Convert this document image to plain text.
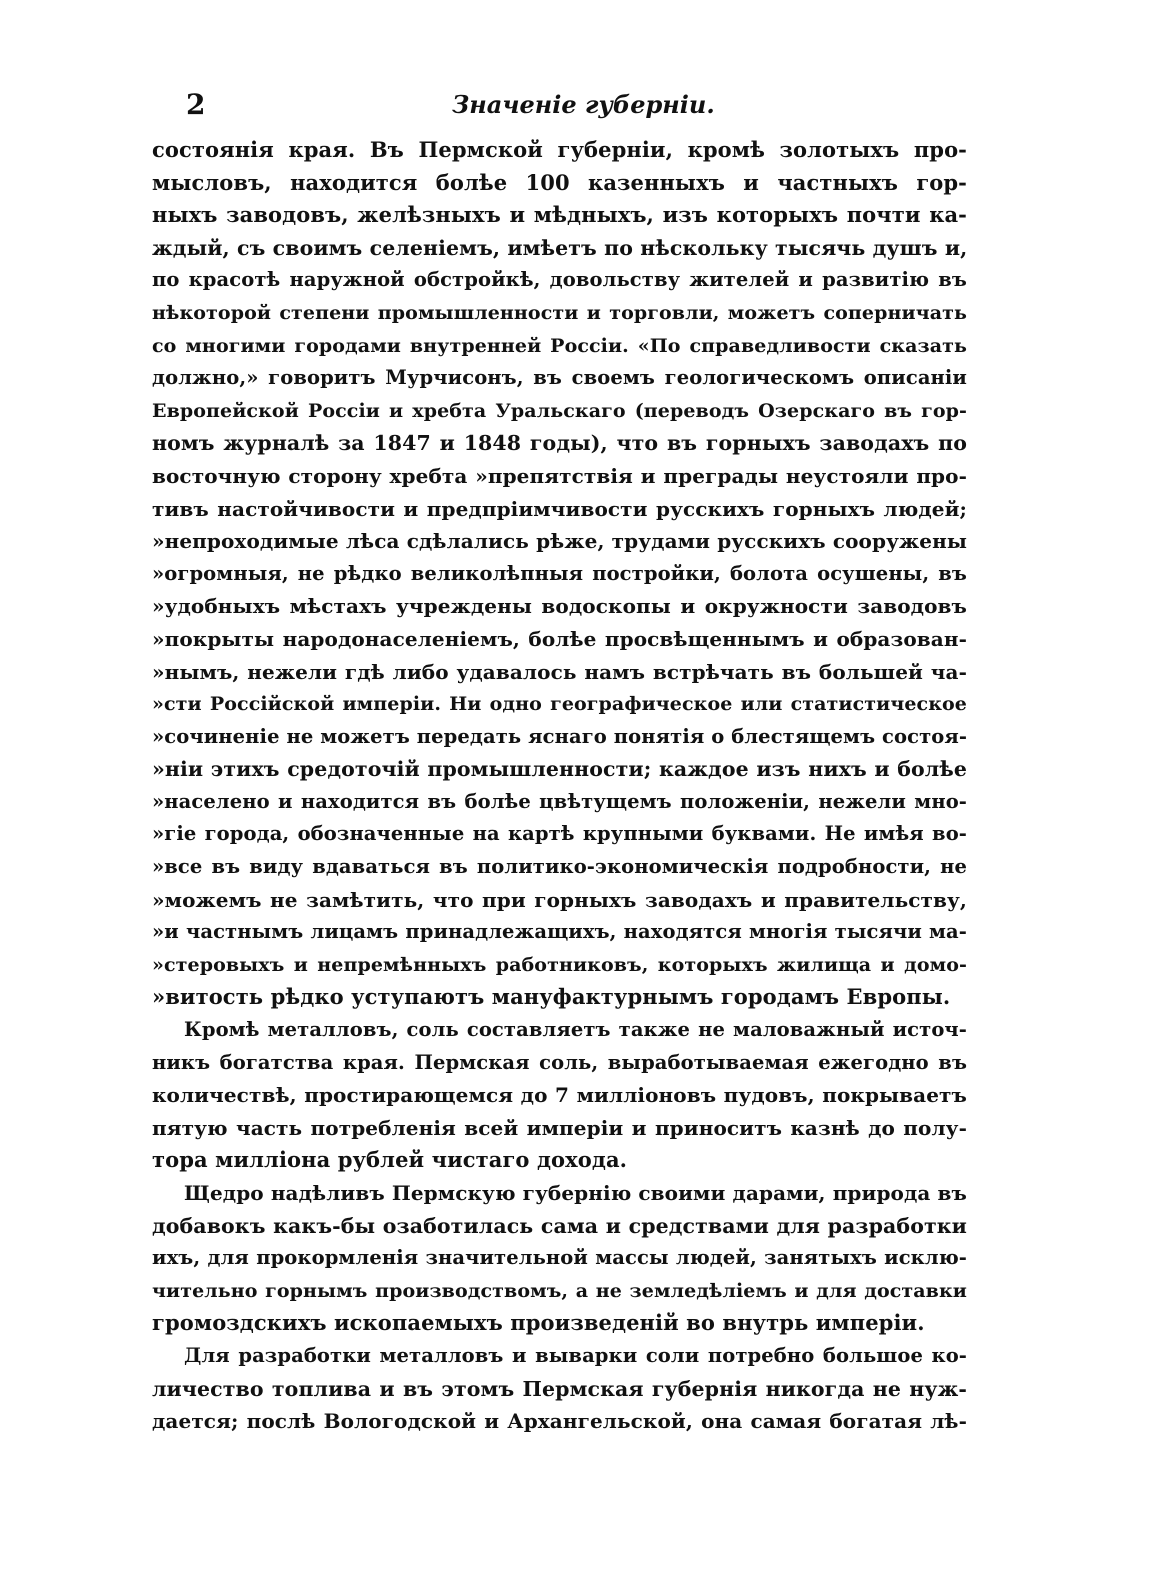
2	Значеніе губерніи.
состоянія края. Въ Пермской губерніи, кромѣ золотыхъ про-
мысловъ, находится болѣе 100 казенныхъ и частныхъ гор-
ныхъ заводовъ, желѣзныхъ и мѣдныхъ, изъ которыхъ почти ка-
ждый, съ своимъ селеніемъ, имѣетъ по нѣскольку тысячь душъ и,
по красотѣ наружной обстройкѣ, довольству жителей и развитію въ
нѣкоторой степени промышленности и торговли, можетъ соперничать
со многими городами внутренней Россіи. «По справедливости сказать
должно,» говоритъ Мурчисонъ, въ своемъ геологическомъ описаніи
Европейской Россіи и хребта Уральскаго (переводъ Озерскаго въ гор-
номъ журналѣ за 1847 и 1848 годы), что въ горныхъ заводахъ по
восточную сторону хребта »препятствія и преграды неустояли про-
тивъ настойчивости и предпріимчивости русскихъ горныхъ людей;
»непроходимые лѣса сдѣлались рѣже, трудами русскихъ сооружены
»огромныя, не рѣдко великолѣпныя постройки, болота осушены, въ
»удобныхъ мѣстахъ учреждены водоскопы и окружности заводовъ
»покрыты народонаселеніемъ, болѣе просвѣщеннымъ и образован-
»нымъ, нежели гдѣ либо удавалось намъ встрѣчать въ большей ча-
»сти Россійской имперіи. Ни одно географическое или статистическое
»сочиненіе не можетъ передать яснаго понятія о блестящемъ состоя-
»ніи этихъ средоточій промышленности; каждое изъ нихъ и болѣе
»населено и находится въ болѣе цвѣтущемъ положеніи, нежели мно-
»гіе города, обозначенные на картѣ крупными буквами. Не имѣя во-
»все въ виду вдаваться въ политико-экономическія подробности, не
»можемъ не замѣтить, что при горныхъ заводахъ и правительству,
»и частнымъ лицамъ принадлежащихъ, находятся многія тысячи ма-
»стеровыхъ и непремѣнныхъ работниковъ, которыхъ жилища и домо-
»витость рѣдко уступаютъ мануфактурнымъ городамъ Европы.
Кромѣ металловъ, соль составляетъ также не маловажный источ-
никъ богатства края. Пермская соль, выработываемая ежегодно въ
количествѣ, простирающемся до 7 милліоновъ пудовъ, покрываетъ
пятую часть потребленія всей имперіи и приноситъ казнѣ до полу-
тора милліона рублей чистаго дохода.
Щедро надѣливъ Пермскую губернію своими дарами, природа въ
добавокъ какъ-бы озаботилась сама и средствами для разработки
ихъ, для прокормленія значительной массы людей, занятыхъ исклю-
чительно горнымъ производствомъ, а не земледѣліемъ и для доставки
громоздскихъ ископаемыхъ произведеній во внутрь имперіи.
Для разработки металловъ и выварки соли потребно большое ко-
личество топлива и въ этомъ Пермская губернія никогда не нуж-
дается; послѣ Вологодской и Архангельской, она самая богатая лѣ-
